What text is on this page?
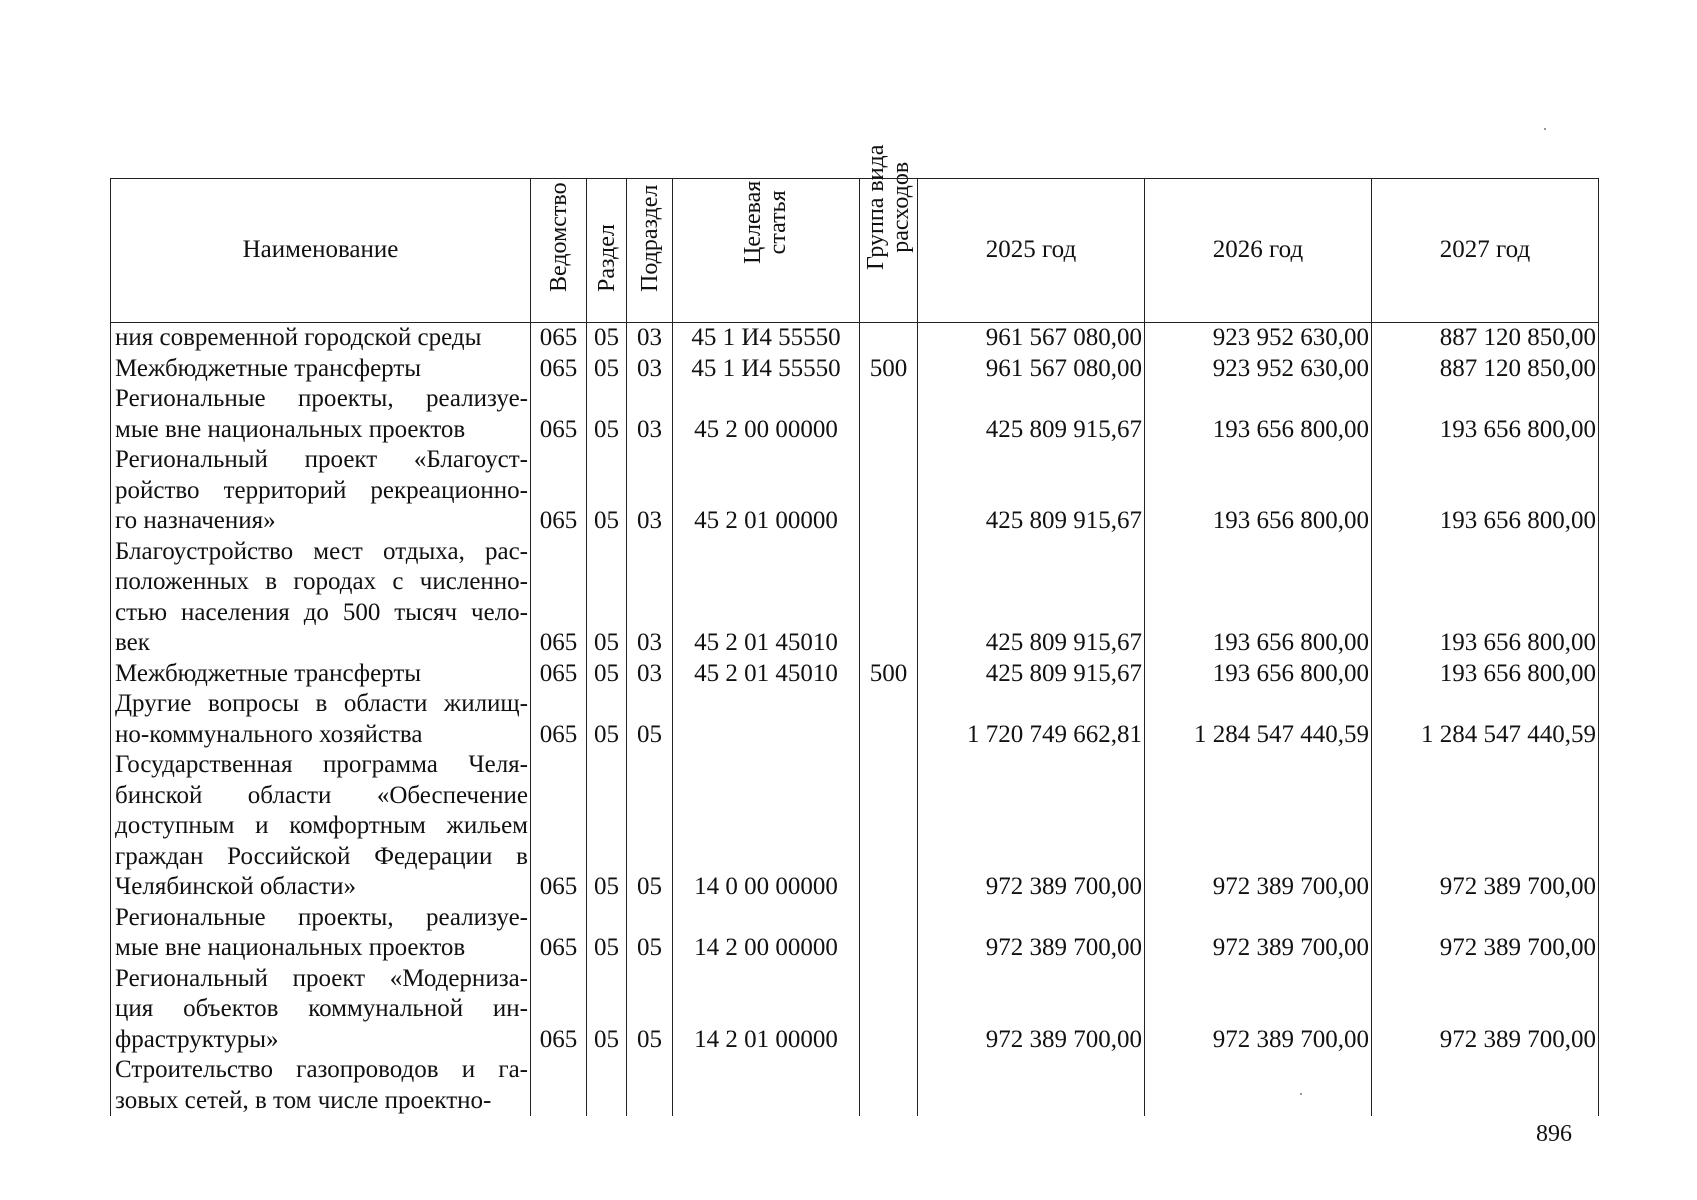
Наименование	Ведомство	Раздел	Подраздел	Целевая статья	Группа вида расходов	2025 год	2026 год	2027 год

ния современной городской среды	065	05	03	45 1 И4 55550		961 567 080,00	923 952 630,00	887 120 850,00

Межбюджетные трансферты	065	05	03	45 1 И4 55550	500	961 567 080,00	923 952 630,00	887 120 850,00

Региональные проекты, реализуе-
мые вне национальных проектов	065	05	03	45 2 00 00000		425 809 915,67	193 656 800,00	193 656 800,00

Региональный проект «Благоуст-
ройство территорий рекреационно-
го назначения»	065	05	03	45 2 01 00000		425 809 915,67	193 656 800,00	193 656 800,00

Благоустройство мест отдыха, рас-
положенных в городах с численно-
стью населения до 500 тысяч чело-
век	065	05	03	45 2 01 45010		425 809 915,67	193 656 800,00	193 656 800,00

Межбюджетные трансферты	065	05	03	45 2 01 45010	500	425 809 915,67	193 656 800,00	193 656 800,00

Другие вопросы в области жилищ-
но-коммунального хозяйства	065	05	05			1 720 749 662,81	1 284 547 440,59	1 284 547 440,59

Государственная программа Челя-
бинской области «Обеспечение
доступным и комфортным жильем
граждан Российской Федерации в
Челябинской области»	065	05	05	14 0 00 00000		972 389 700,00	972 389 700,00	972 389 700,00

Региональные проекты, реализуе-
мые вне национальных проектов	065	05	05	14 2 00 00000		972 389 700,00	972 389 700,00	972 389 700,00

Региональный проект «Модерниза-
ция объектов коммунальной ин-
фраструктуры»	065	05	05	14 2 01 00000		972 389 700,00	972 389 700,00	972 389 700,00

Строительство газопроводов и га-
зовых сетей, в том числе проектно-								

896
